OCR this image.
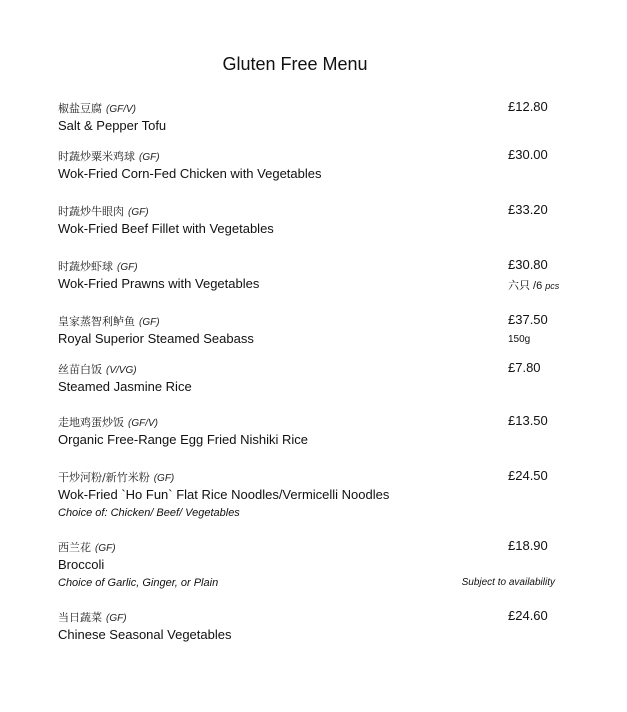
Gluten Free Menu
椒盐豆腐 (GF/V)
Salt & Pepper Tofu
£12.80
时蔬炒粟米鸡球 (GF)
Wok-Fried Corn-Fed Chicken with Vegetables
£30.00
时蔬炒牛眼肉 (GF)
Wok-Fried Beef Fillet with Vegetables
£33.20
时蔬炒虾球 (GF)
Wok-Fried Prawns with Vegetables
£30.80
六只 /6 pcs
皇家蒸智利鲈鱼 (GF)
Royal Superior Steamed Seabass
£37.50
150g
丝苗白饭 (V/VG)
Steamed Jasmine Rice
£7.80
走地鸡蛋炒饭 (GF/V)
Organic Free-Range Egg Fried Nishiki Rice
£13.50
干炒河粉/新竹米粉 (GF)
Wok-Fried `Ho Fun` Flat Rice Noodles/Vermicelli Noodles
Choice of: Chicken/ Beef/ Vegetables
£24.50
西兰花 (GF)
Broccoli
Choice of Garlic, Ginger, or Plain
£18.90
Subject to availability
当日蔬菜 (GF)
Chinese Seasonal Vegetables
£24.60
